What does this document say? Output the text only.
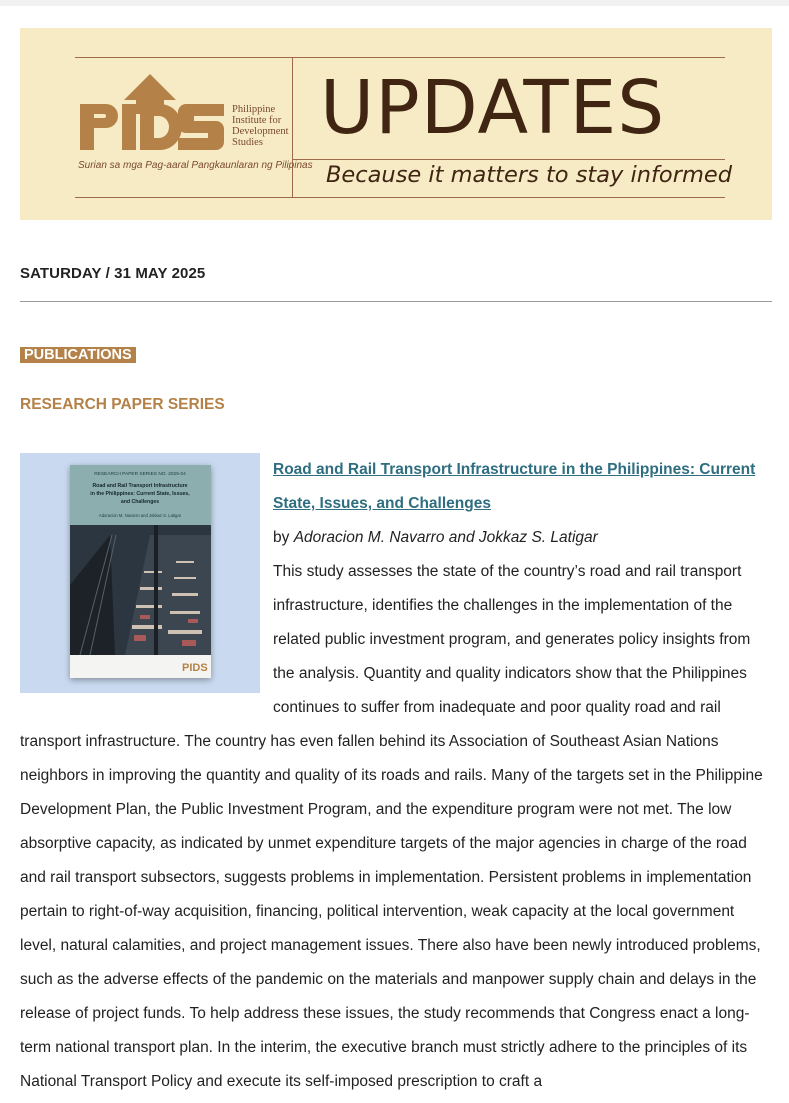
PIDS
Philippine
Institute for
Development
Studies
Surian sa mga Pag-aaral Pangkaunlaran ng Pilipinas
UPDATES
Because it matters to stay informed
SATURDAY / 31 MAY 2025
PUBLICATIONS
RESEARCH PAPER SERIES
RESEARCH PAPER SERIES NO. 2025-04
Road and Rail Transport Infrastructure
in the Philippines: Current State, Issues,
and Challenges
Adoracion M. Navarro and Jokkaz S. Latigar
PIDS
Road and Rail Transport Infrastructure in the Philippines: Current State, Issues, and Challenges
by Adoracion M. Navarro and Jokkaz S. Latigar
This study assesses the state of the country’s road and rail transport infrastructure, identifies the challenges in the implementation of the related public investment program, and generates policy insights from the analysis. Quantity and quality indicators show that the Philippines continues to suffer from inadequate and poor quality road and rail transport infrastructure. The country has even fallen behind its Association of Southeast Asian Nations neighbors in improving the quantity and quality of its roads and rails. Many of the targets set in the Philippine Development Plan, the Public Investment Program, and the expenditure program were not met. The low absorptive capacity, as indicated by unmet expenditure targets of the major agencies in charge of the road and rail transport subsectors, suggests problems in implementation. Persistent problems in implementation pertain to right-of-way acquisition, financing, political intervention, weak capacity at the local government level, natural calamities, and project management issues. There also have been newly introduced problems, such as the adverse effects of the pandemic on the materials and manpower supply chain and delays in the release of project funds. To help address these issues, the study recommends that Congress enact a long-term national transport plan. In the interim, the executive branch must strictly adhere to the principles of its National Transport Policy and execute its self-imposed prescription to craft a
